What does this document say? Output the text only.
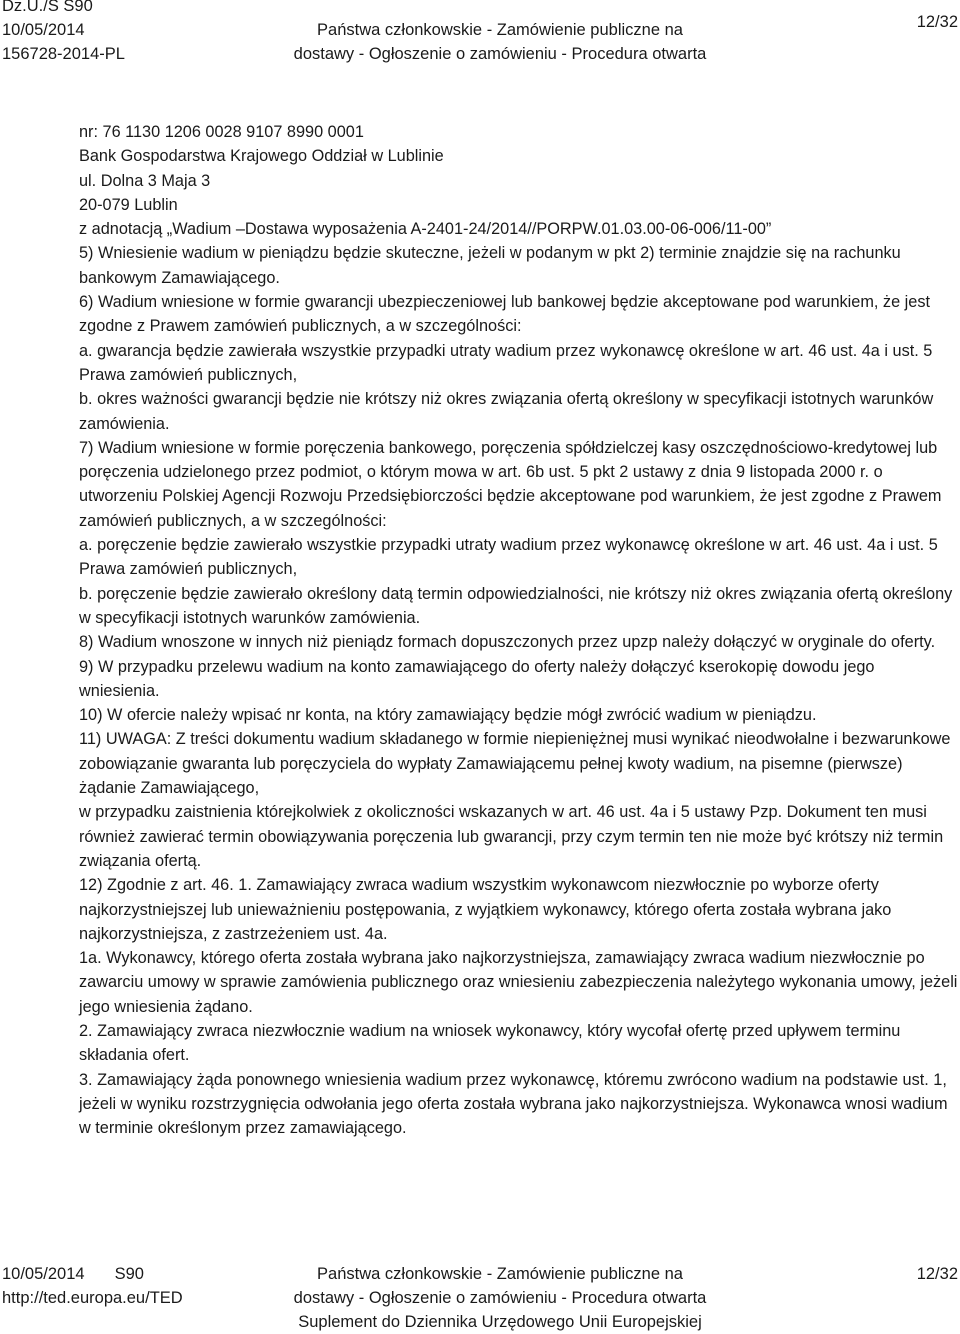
Dz.U./S S90
10/05/2014
156728-2014-PL
Państwa członkowskie - Zamówienie publiczne na
dostawy - Ogłoszenie o zamówieniu - Procedura otwarta
12/32

nr: 76 1130 1206 0028 9107 8990 0001

Bank Gospodarstwa Krajowego Oddział w Lublinie

ul. Dolna 3 Maja 3

20-079 Lublin

z adnotacją „Wadium –Dostawa wyposażenia A-2401-24/2014//PORPW.01.03.00-06-006/11-00”

5) Wniesienie wadium w pieniądzu będzie skuteczne, jeżeli w podanym w pkt 2) terminie znajdzie się na rachunku bankowym Zamawiającego.

6) Wadium wniesione w formie gwarancji ubezpieczeniowej lub bankowej będzie akceptowane pod warunkiem, że jest zgodne z Prawem zamówień publicznych, a w szczególności:

a. gwarancja będzie zawierała wszystkie przypadki utraty wadium przez wykonawcę określone w art. 46 ust. 4a i ust. 5 Prawa zamówień publicznych,

b. okres ważności gwarancji będzie nie krótszy niż okres związania ofertą określony w specyfikacji istotnych warunków zamówienia.

7) Wadium wniesione w formie poręczenia bankowego, poręczenia spółdzielczej kasy oszczędnościowo-kredytowej lub poręczenia udzielonego przez podmiot, o którym mowa w art. 6b ust. 5 pkt 2 ustawy z dnia 9 listopada 2000 r. o utworzeniu Polskiej Agencji Rozwoju Przedsiębiorczości będzie akceptowane pod warunkiem, że jest zgodne z Prawem zamówień publicznych, a w szczególności:

a. poręczenie będzie zawierało wszystkie przypadki utraty wadium przez wykonawcę określone w art. 46 ust. 4a i ust. 5 Prawa zamówień publicznych,

b. poręczenie będzie zawierało określony datą termin odpowiedzialności, nie krótszy niż okres związania ofertą określony w specyfikacji istotnych warunków zamówienia.

8) Wadium wnoszone w innych niż pieniądz formach dopuszczonych przez upzp należy dołączyć w oryginale do oferty.

9) W przypadku przelewu wadium na konto zamawiającego do oferty należy dołączyć kserokopię dowodu jego wniesienia.

10) W ofercie należy wpisać nr konta, na który zamawiający będzie mógł zwrócić wadium w pieniądzu.

11) UWAGA: Z treści dokumentu wadium składanego w formie niepieniężnej musi wynikać nieodwołalne i bezwarunkowe zobowiązanie gwaranta lub poręczyciela do wypłaty Zamawiającemu pełnej kwoty wadium, na pisemne (pierwsze) żądanie Zamawiającego,

w przypadku zaistnienia którejkolwiek z okoliczności wskazanych w art. 46 ust. 4a i 5 ustawy Pzp. Dokument ten musi również zawierać termin obowiązywania poręczenia lub gwarancji, przy czym termin ten nie może być krótszy niż termin związania ofertą.

12) Zgodnie z art. 46. 1. Zamawiający zwraca wadium wszystkim wykonawcom niezwłocznie po wyborze oferty najkorzystniejszej lub unieważnieniu postępowania, z wyjątkiem wykonawcy, którego oferta została wybrana jako najkorzystniejsza, z zastrzeżeniem ust. 4a.

1a. Wykonawcy, którego oferta została wybrana jako najkorzystniejsza, zamawiający zwraca wadium niezwłocznie po zawarciu umowy w sprawie zamówienia publicznego oraz wniesieniu zabezpieczenia należytego wykonania umowy, jeżeli jego wniesienia żądano.

2. Zamawiający zwraca niezwłocznie wadium na wniosek wykonawcy, który wycofał ofertę przed upływem terminu składania ofert.

3. Zamawiający żąda ponownego wniesienia wadium przez wykonawcę, któremu zwrócono wadium na podstawie ust. 1, jeżeli w wyniku rozstrzygnięcia odwołania jego oferta została wybrana jako najkorzystniejsza. Wykonawca wnosi wadium w terminie określonym przez zamawiającego.

10/05/2014 S90
http://ted.europa.eu/TED
Państwa członkowskie - Zamówienie publiczne na
dostawy - Ogłoszenie o zamówieniu - Procedura otwarta
Suplement do Dziennika Urzędowego Unii Europejskiej
12/32
